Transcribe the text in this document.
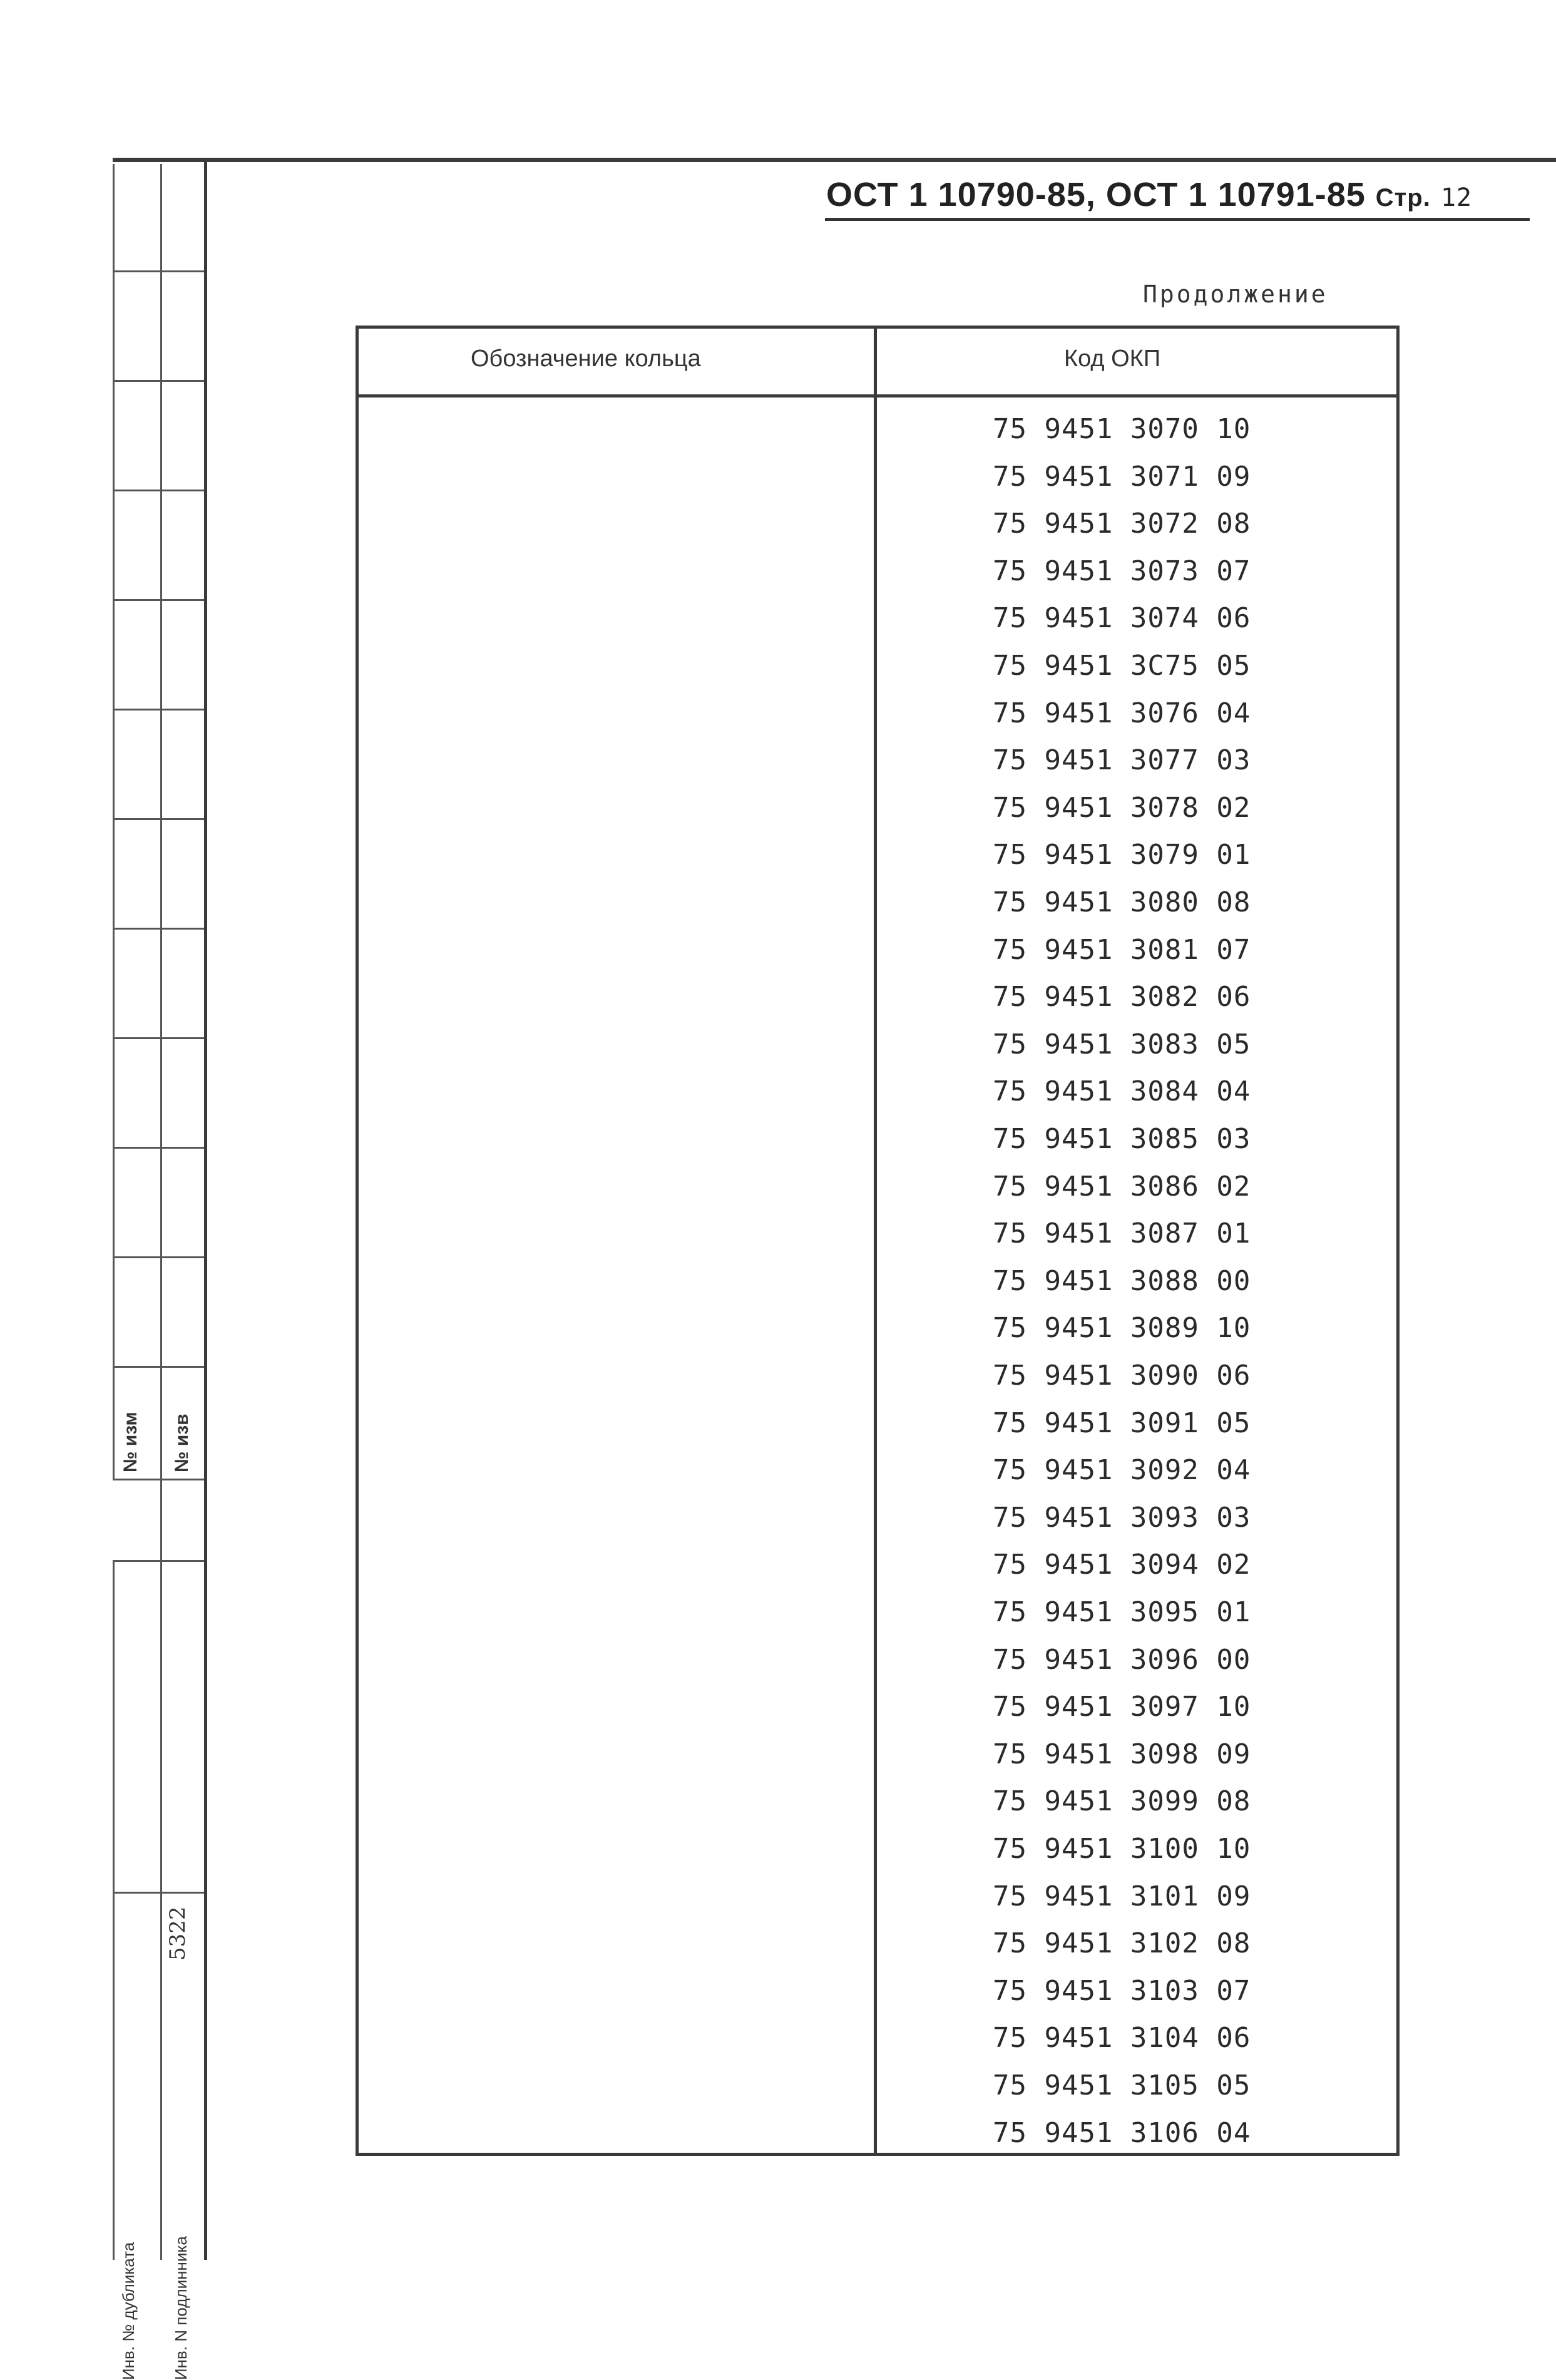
№ изм № изв
5322
Инв. № дубликата Инв. N подлинника
ОСТ 1 10790-85, ОСТ 1 10791-85 Стр. 12
Продолжение
Обозначение кольца	Код ОКП
75 9451 3070 10
75 9451 3071 09
75 9451 3072 08
75 9451 3073 07
75 9451 3074 06
75 9451 3С75 05
75 9451 3076 04
75 9451 3077 03
75 9451 3078 02
75 9451 3079 01
75 9451 3080 08
75 9451 3081 07
75 9451 3082 06
75 9451 3083 05
75 9451 3084 04
75 9451 3085 03
75 9451 3086 02
75 9451 3087 01
75 9451 3088 00
75 9451 3089 10
75 9451 3090 06
75 9451 3091 05
75 9451 3092 04
75 9451 3093 03
75 9451 3094 02
75 9451 3095 01
75 9451 3096 00
75 9451 3097 10
75 9451 3098 09
75 9451 3099 08
75 9451 3100 10
75 9451 3101 09
75 9451 3102 08
75 9451 3103 07
75 9451 3104 06
75 9451 3105 05
75 9451 3106 04
